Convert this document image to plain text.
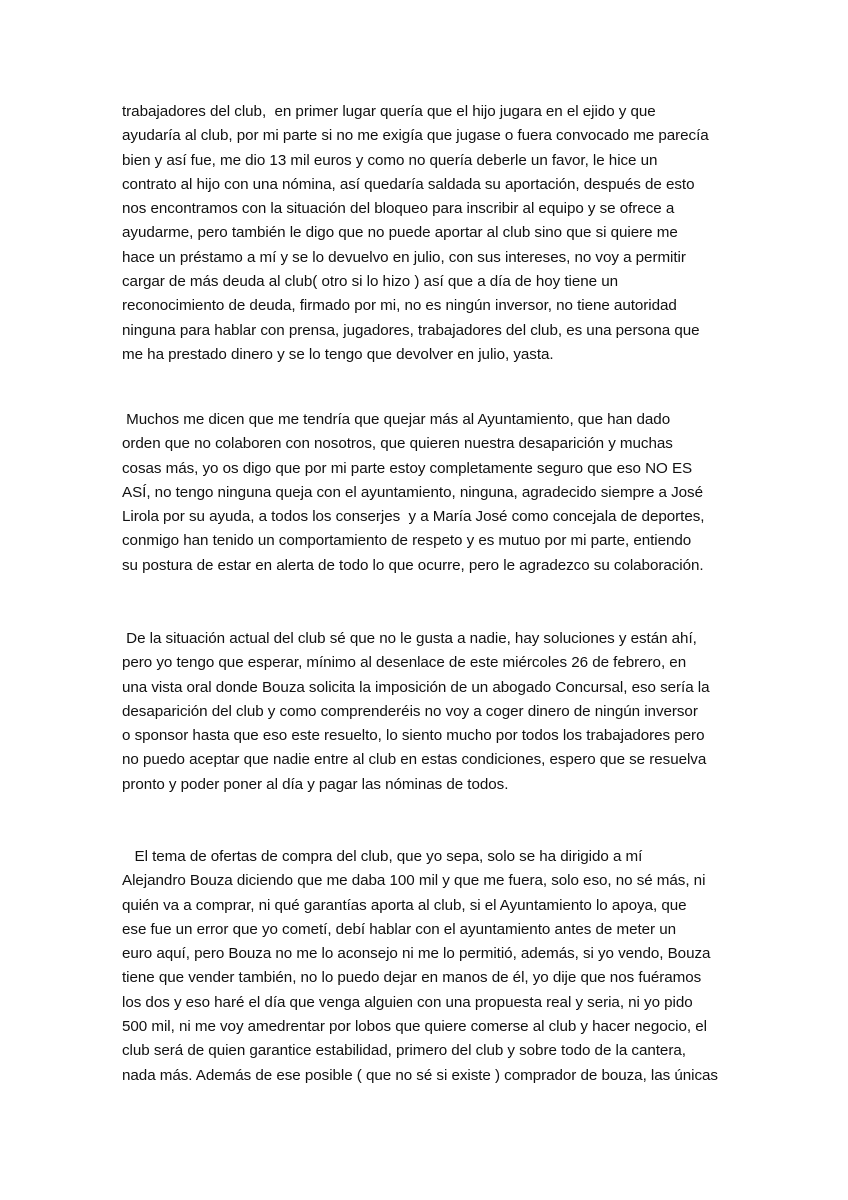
trabajadores del club,  en primer lugar quería que el hijo jugara en el ejido y que
ayudaría al club, por mi parte si no me exigía que jugase o fuera convocado me parecía
bien y así fue, me dio 13 mil euros y como no quería deberle un favor, le hice un
contrato al hijo con una nómina, así quedaría saldada su aportación, después de esto
nos encontramos con la situación del bloqueo para inscribir al equipo y se ofrece a
ayudarme, pero también le digo que no puede aportar al club sino que si quiere me
hace un préstamo a mí y se lo devuelvo en julio, con sus intereses, no voy a permitir
cargar de más deuda al club( otro si lo hizo ) así que a día de hoy tiene un
reconocimiento de deuda, firmado por mi, no es ningún inversor, no tiene autoridad
ninguna para hablar con prensa, jugadores, trabajadores del club, es una persona que
me ha prestado dinero y se lo tengo que devolver en julio, yasta.
Muchos me dicen que me tendría que quejar más al Ayuntamiento, que han dado
orden que no colaboren con nosotros, que quieren nuestra desaparición y muchas
cosas más, yo os digo que por mi parte estoy completamente seguro que eso NO ES
ASÍ, no tengo ninguna queja con el ayuntamiento, ninguna, agradecido siempre a José
Lirola por su ayuda, a todos los conserjes  y a María José como concejala de deportes,
conmigo han tenido un comportamiento de respeto y es mutuo por mi parte, entiendo
su postura de estar en alerta de todo lo que ocurre, pero le agradezco su colaboración.
De la situación actual del club sé que no le gusta a nadie, hay soluciones y están ahí,
pero yo tengo que esperar, mínimo al desenlace de este miércoles 26 de febrero, en
una vista oral donde Bouza solicita la imposición de un abogado Concursal, eso sería la
desaparición del club y como comprenderéis no voy a coger dinero de ningún inversor
o sponsor hasta que eso este resuelto, lo siento mucho por todos los trabajadores pero
no puedo aceptar que nadie entre al club en estas condiciones, espero que se resuelva
pronto y poder poner al día y pagar las nóminas de todos.
El tema de ofertas de compra del club, que yo sepa, solo se ha dirigido a mí
Alejandro Bouza diciendo que me daba 100 mil y que me fuera, solo eso, no sé más, ni
quién va a comprar, ni qué garantías aporta al club, si el Ayuntamiento lo apoya, que
ese fue un error que yo cometí, debí hablar con el ayuntamiento antes de meter un
euro aquí, pero Bouza no me lo aconsejo ni me lo permitió, además, si yo vendo, Bouza
tiene que vender también, no lo puedo dejar en manos de él, yo dije que nos fuéramos
los dos y eso haré el día que venga alguien con una propuesta real y seria, ni yo pido
500 mil, ni me voy amedrentar por lobos que quiere comerse al club y hacer negocio, el
club será de quien garantice estabilidad, primero del club y sobre todo de la cantera,
nada más. Además de ese posible ( que no sé si existe ) comprador de bouza, las únicas
